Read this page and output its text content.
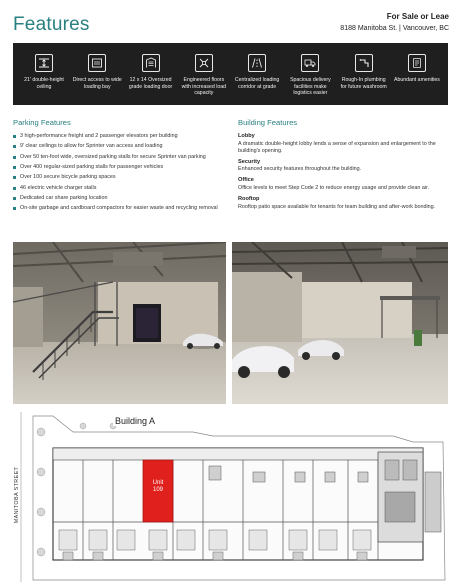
Features	For Sale or Leae
8188 Manitoba St. | Vancouver, BC
21' double-height ceiling
Direct access to wide loading bay
12 x 14 Oversized grade loading door
Engineered floors with increased load capacity
Centralized loading corridor at grade
Spacious delivery facilities make logistics easier
Rough-In plumbing for future washroom
Abundant amenities
Parking Features
3 high-performance freight and 2 passenger elevators per building
9' clear ceilings to allow for Sprinter van access and loading
Over 50 ten-foot wide, oversized parking stalls for secure Sprinter van parking
Over 400 regular-sized parking stalls for passenger vehicles
Over 100 secure bicycle parking spaces
46 electric vehicle charger stalls
Dedicated car share parking location
On-site garbage and cardboard compactors for easier waste and recycling removal
Building Features
Lobby
A dramatic double-height lobby lends a sense of expansion and enlargement to the building's opening.
Security
Enhanced security features throughout the building.
Office
Office levels to meet Step Code 2 to reduce energy usage and provide clean air.
Rooftop
Rooftop patio space available for tenants for team building and after-work bonding.
Building A
MANITOBA STREET	Unit
109
